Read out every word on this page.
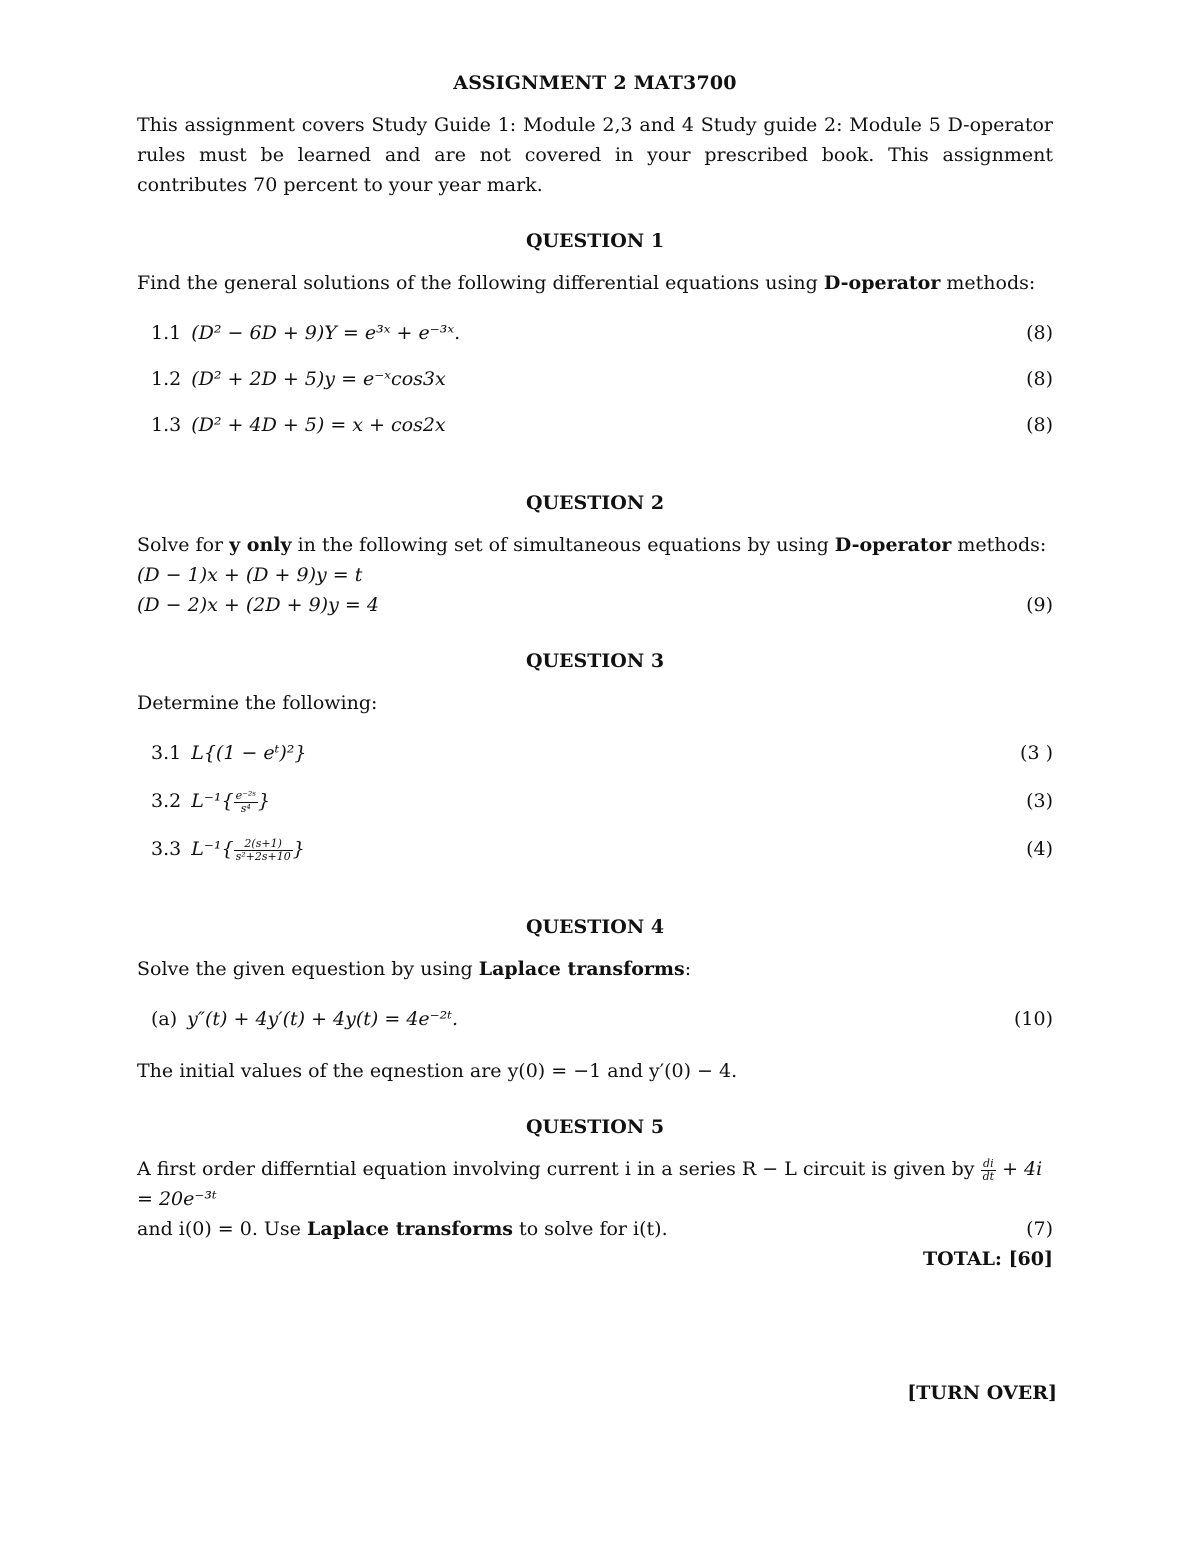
ASSIGNMENT 2 MAT3700

This assignment covers Study Guide 1: Module 2,3 and 4 Study guide 2: Module 5 D-operator rules must be learned and are not covered in your prescribed book. This assignment contributes 70 percent to your year mark.

QUESTION 1

Find the general solutions of the following differential equations using D-operator methods:

1.1 (D² − 6D + 9)Y = e³ˣ + e⁻³ˣ.	(8)
1.2 (D² + 2D + 5)y = e⁻ˣcos3x	(8)
1.3 (D² + 4D + 5) = x + cos2x	(8)
QUESTION 2

Solve for y only in the following set of simultaneous equations by using D-operator methods:

(D − 1)x + (D + 9)y = t
(D − 2)x + (2D + 9)y = 4	(9)
QUESTION 3

Determine the following:

3.1 L{(1 − eᵗ)²}	(3 )
3.2 $L^{-1}\{ \frac{\text{e⁻²ˢ}}{\text{s⁴}}$ }	(3)
3.3 $L^{-1}\{ \frac{2(s+1)}{\text{s²+2s+10}}$ }	(4)
QUESTION 4

Solve the given equestion by using Laplace transforms:

(a) y″(t) + 4y′(t) + 4y(t) = 4e⁻²ᵗ.	(10)

The initial values of the eqnestion are y(0) = −1 and y′(0) − 4.

QUESTION 5
A first order differntial equation involving current i in a series R − L circuit is given by $\frac{di}{dt} + 4i$ = 20e⁻³ᵗ
and i(0) = 0. Use Laplace transforms to solve for i(t).	(7)
TOTAL: [60]
[TURN OVER]
